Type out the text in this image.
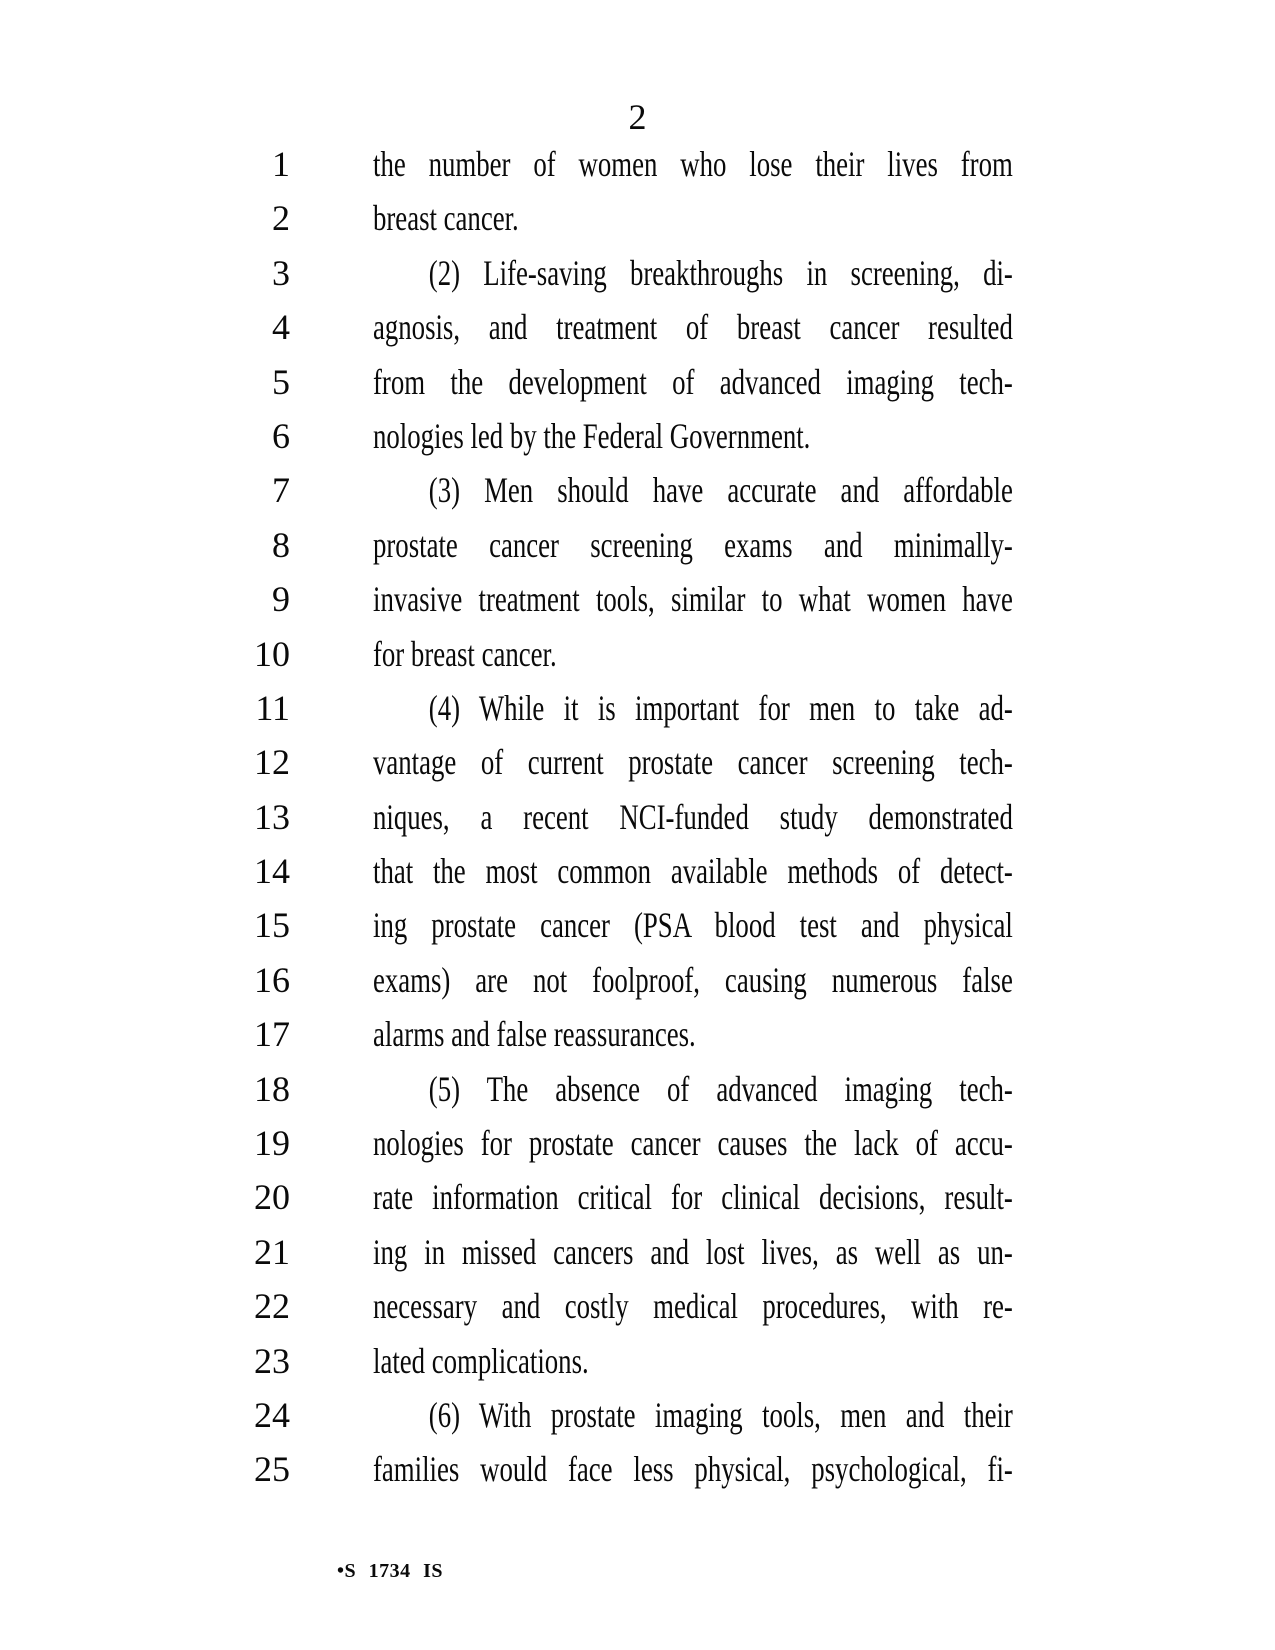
2
1 the number of women who lose their lives from
2 breast cancer.
3	(2) Life-saving breakthroughs in screening, di-
4 agnosis, and treatment of breast cancer resulted
5 from the development of advanced imaging tech-
6 nologies led by the Federal Government.
7	(3) Men should have accurate and affordable
8 prostate cancer screening exams and minimally-
9 invasive treatment tools, similar to what women have
10 for breast cancer.
11	(4) While it is important for men to take ad-
12 vantage of current prostate cancer screening tech-
13 niques, a recent NCI-funded study demonstrated
14 that the most common available methods of detect-
15 ing prostate cancer (PSA blood test and physical
16 exams) are not foolproof, causing numerous false
17 alarms and false reassurances.
18	(5) The absence of advanced imaging tech-
19 nologies for prostate cancer causes the lack of accu-
20 rate information critical for clinical decisions, result-
21 ing in missed cancers and lost lives, as well as un-
22 necessary and costly medical procedures, with re-
23 lated complications.
24	(6) With prostate imaging tools, men and their
25 families would face less physical, psychological, fi-
•S 1734 IS
